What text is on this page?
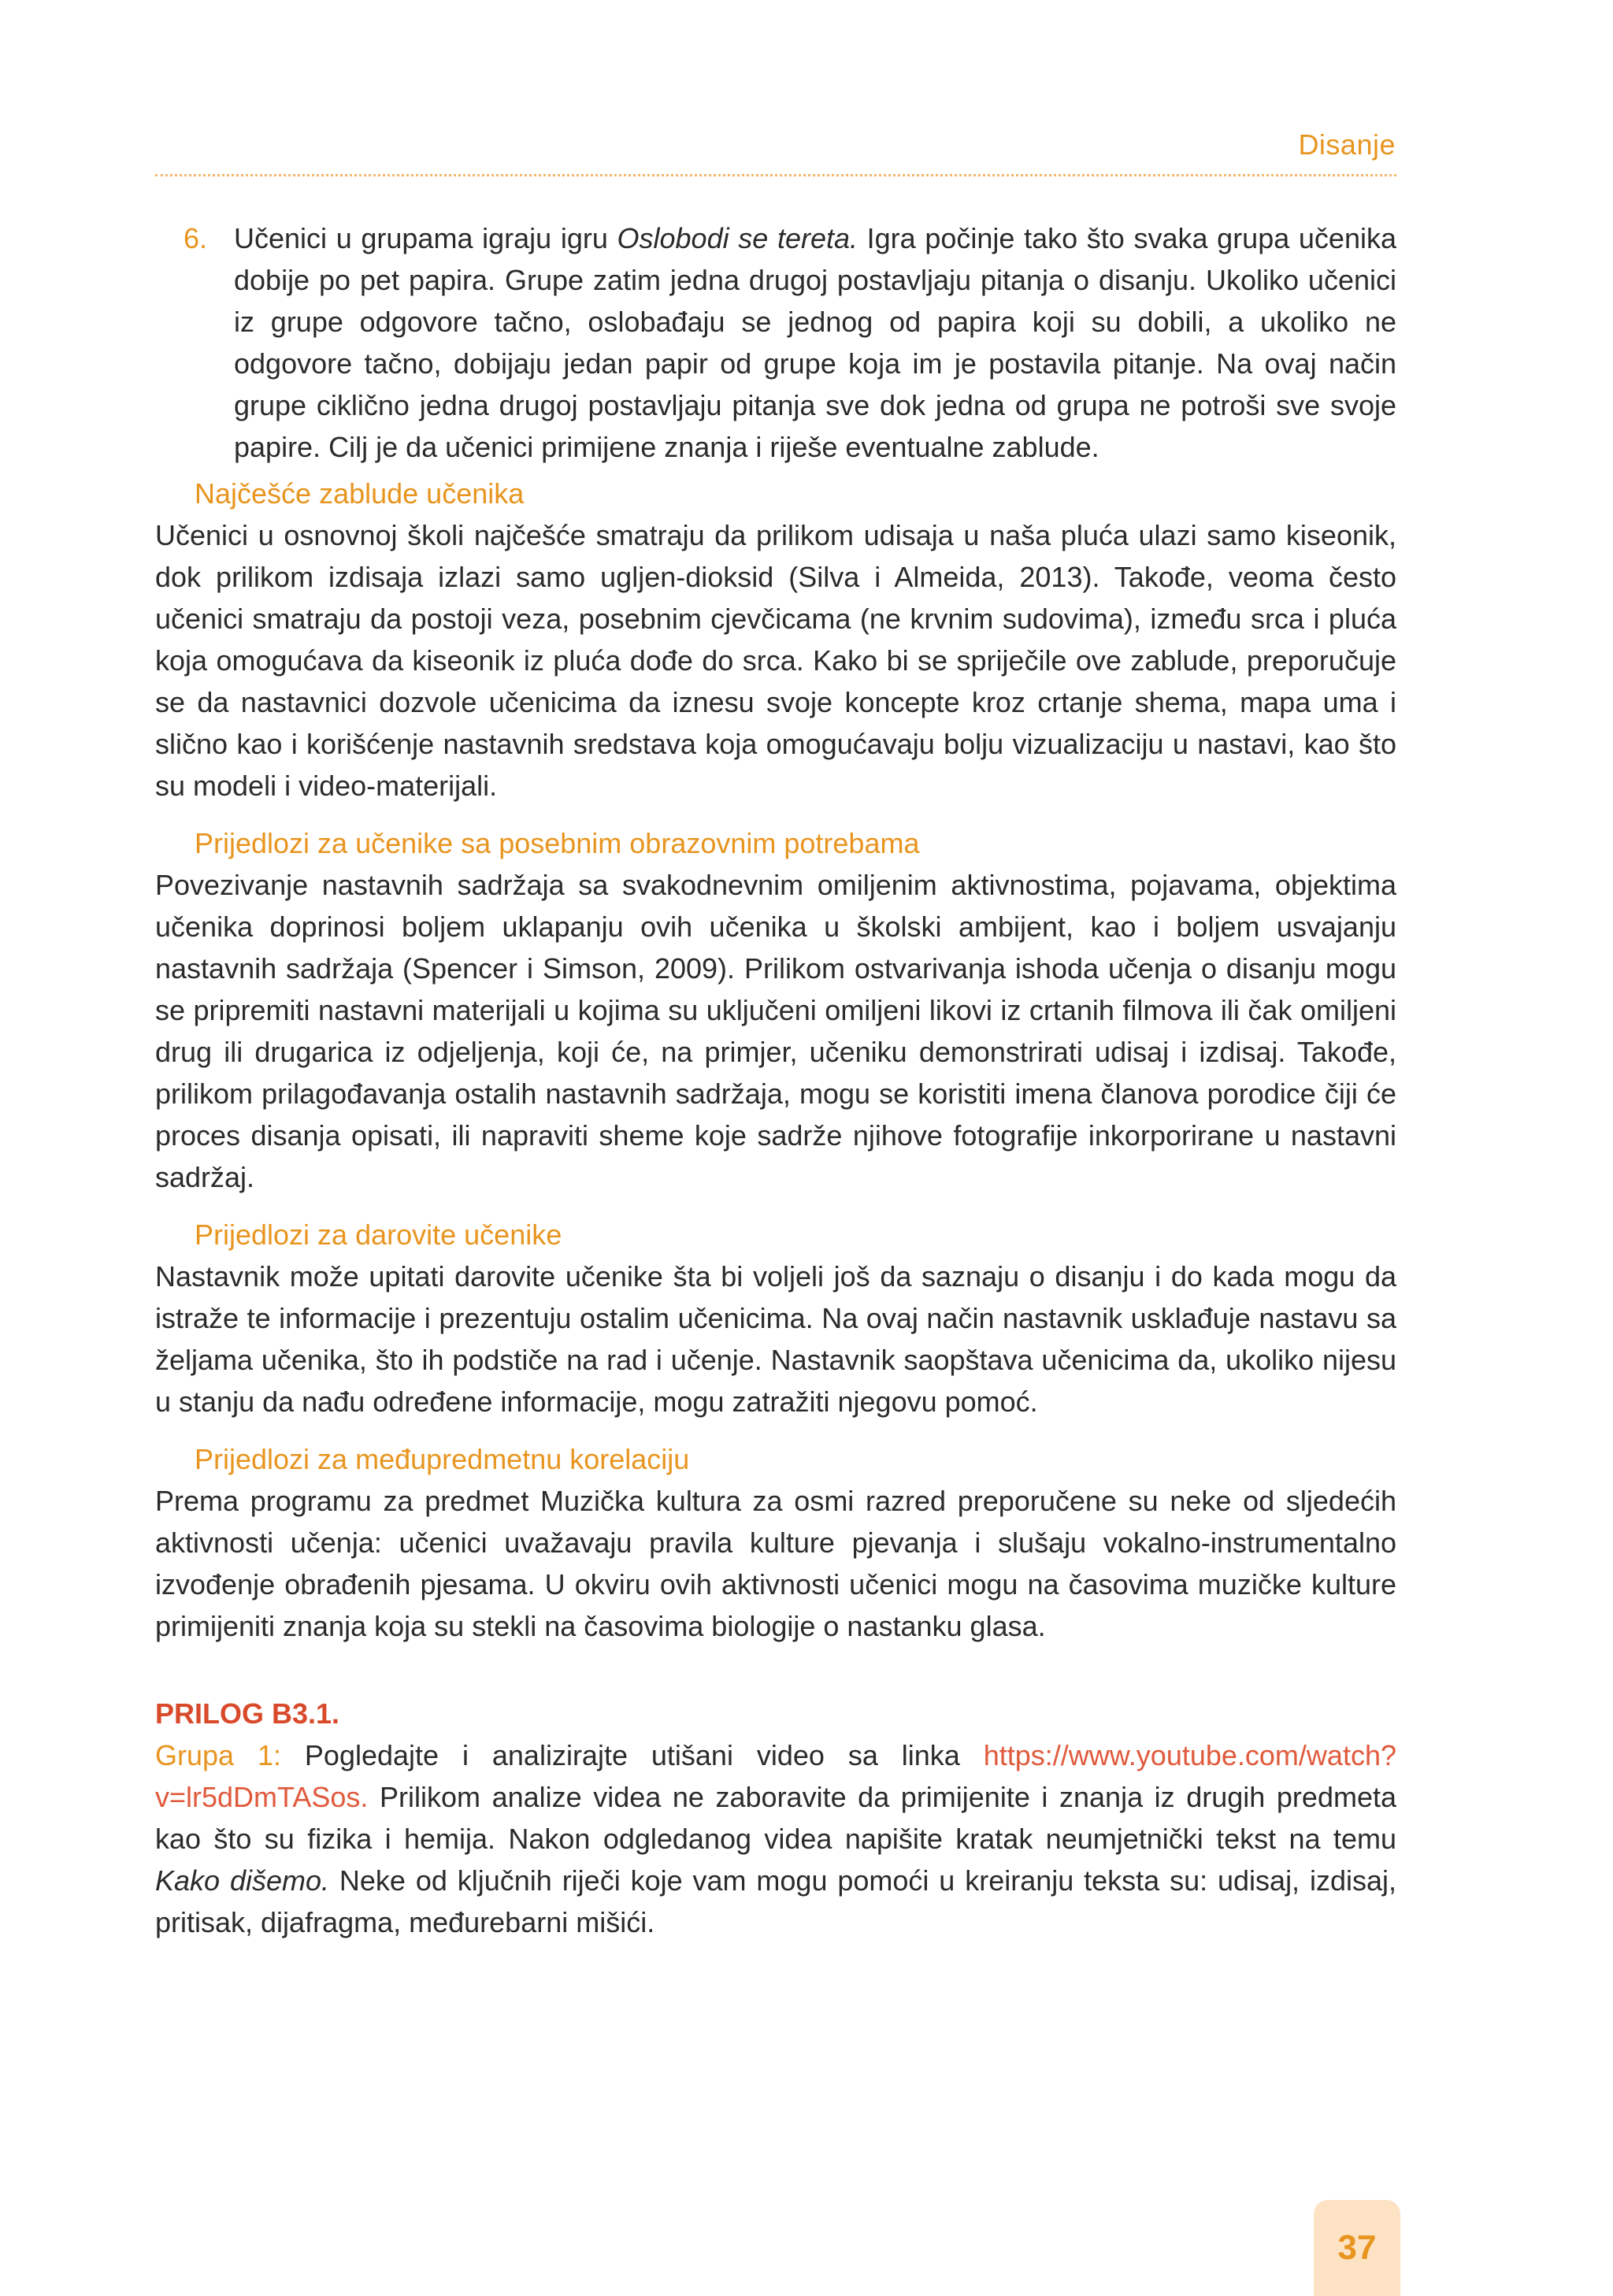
Disanje
6. Učenici u grupama igraju igru Oslobodi se tereta. Igra počinje tako što svaka grupa učenika dobije po pet papira. Grupe zatim jedna drugoj postavljaju pitanja o disanju. Ukoliko učenici iz grupe odgovore tačno, oslobađaju se jednog od papira koji su dobili, a ukoliko ne odgovore tačno, dobijaju jedan papir od grupe koja im je postavila pitanje. Na ovaj način grupe ciklično jedna drugoj postavljaju pitanja sve dok jedna od grupa ne potroši sve svoje papire. Cilj je da učenici primijene znanja i riješe eventualne zablude.
Najčešće zablude učenika

Učenici u osnovnoj školi najčešće smatraju da prilikom udisaja u naša pluća ulazi samo kiseonik, dok prilikom izdisaja izlazi samo ugljen-dioksid (Silva i Almeida, 2013). Takođe, veoma često učenici smatraju da postoji veza, posebnim cjevčicama (ne krvnim sudovima), između srca i pluća koja omogućava da kiseonik iz pluća dođe do srca. Kako bi se spriječile ove zablude, preporučuje se da nastavnici dozvole učenicima da iznesu svoje koncepte kroz crtanje shema, mapa uma i slično kao i korišćenje nastavnih sredstava koja omogućavaju bolju vizualizaciju u nastavi, kao što su modeli i video-materijali.

Prijedlozi za učenike sa posebnim obrazovnim potrebama

Povezivanje nastavnih sadržaja sa svakodnevnim omiljenim aktivnostima, pojavama, objektima učenika doprinosi boljem uklapanju ovih učenika u školski ambijent, kao i boljem usvajanju nastavnih sadržaja (Spencer i Simson, 2009). Prilikom ostvarivanja ishoda učenja o disanju mogu se pripremiti nastavni materijali u kojima su uključeni omiljeni likovi iz crtanih filmova ili čak omiljeni drug ili drugarica iz odjeljenja, koji će, na primjer, učeniku demonstrirati udisaj i izdisaj. Takođe, prilikom prilagođavanja ostalih nastavnih sadržaja, mogu se koristiti imena članova porodice čiji će proces disanja opisati, ili napraviti sheme koje sadrže njihove fotografije inkorporirane u nastavni sadržaj.

Prijedlozi za darovite učenike

Nastavnik može upitati darovite učenike šta bi voljeli još da saznaju o disanju i do kada mogu da istraže te informacije i prezentuju ostalim učenicima. Na ovaj način nastavnik usklađuje nastavu sa željama učenika, što ih podstiče na rad i učenje. Nastavnik saopštava učenicima da, ukoliko nijesu u stanju da nađu određene informacije, mogu zatražiti njegovu pomoć.

Prijedlozi za međupredmetnu korelaciju

Prema programu za predmet Muzička kultura za osmi razred preporučene su neke od sljedećih aktivnosti učenja: učenici uvažavaju pravila kulture pjevanja i slušaju vokalno-instrumentalno izvođenje obrađenih pjesama. U okviru ovih aktivnosti učenici mogu na časovima muzičke kulture primijeniti znanja koja su stekli na časovima biologije o nastanku glasa.

PRILOG B3.1.

Grupa 1: Pogledajte i analizirajte utišani video sa linka https://www.youtube.com/watch?v=lr5dDmTASos. Prilikom analize videa ne zaboravite da primijenite i znanja iz drugih predmeta kao što su fizika i hemija. Nakon odgledanog videa napišite kratak neumjetnički tekst na temu Kako dišemo. Neke od ključnih riječi koje vam mogu pomoći u kreiranju teksta su: udisaj, izdisaj, pritisak, dijafragma, međurebarni mišići.

37
